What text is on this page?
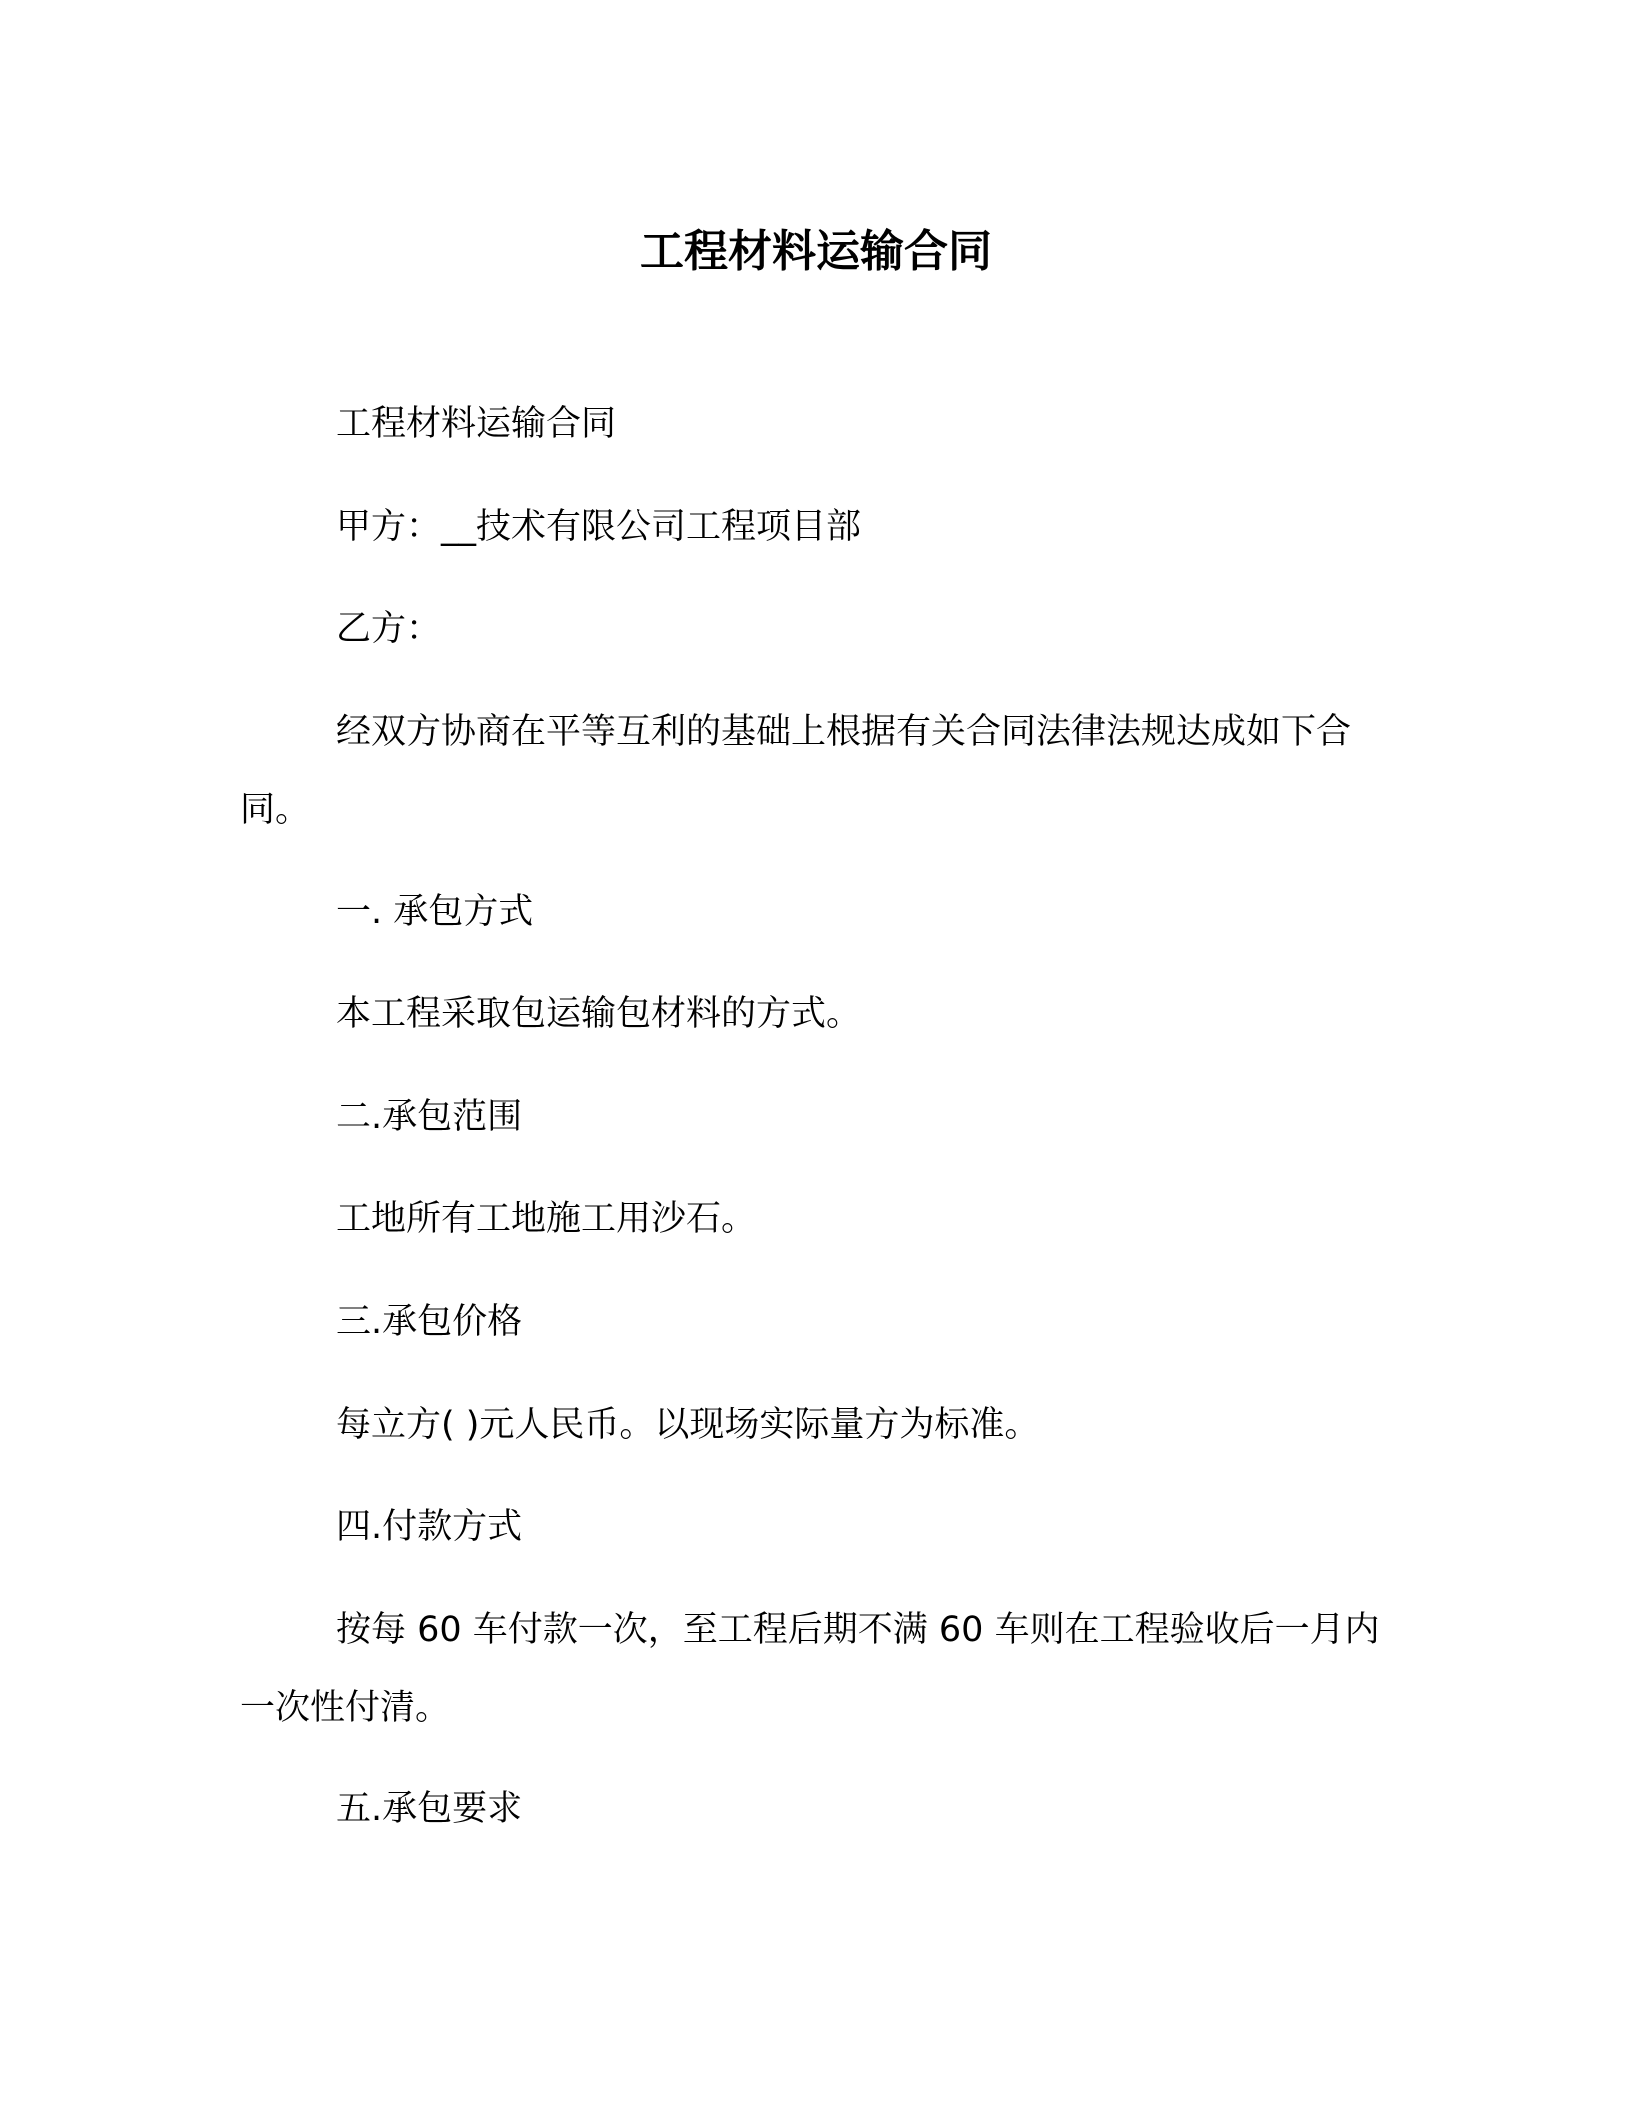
工程材料运输合同

工程材料运输合同

甲方：__技术有限公司工程项目部

乙方：

经双方协商在平等互利的基础上根据有关合同法律法规达成如下合同。

一. 承包方式

本工程采取包运输包材料的方式。

二.承包范围

工地所有工地施工用沙石。

三.承包价格

每立方( )元人民币。以现场实际量方为标准。

四.付款方式

按每 60 车付款一次，至工程后期不满 60 车则在工程验收后一月内一次性付清。

五.承包要求
